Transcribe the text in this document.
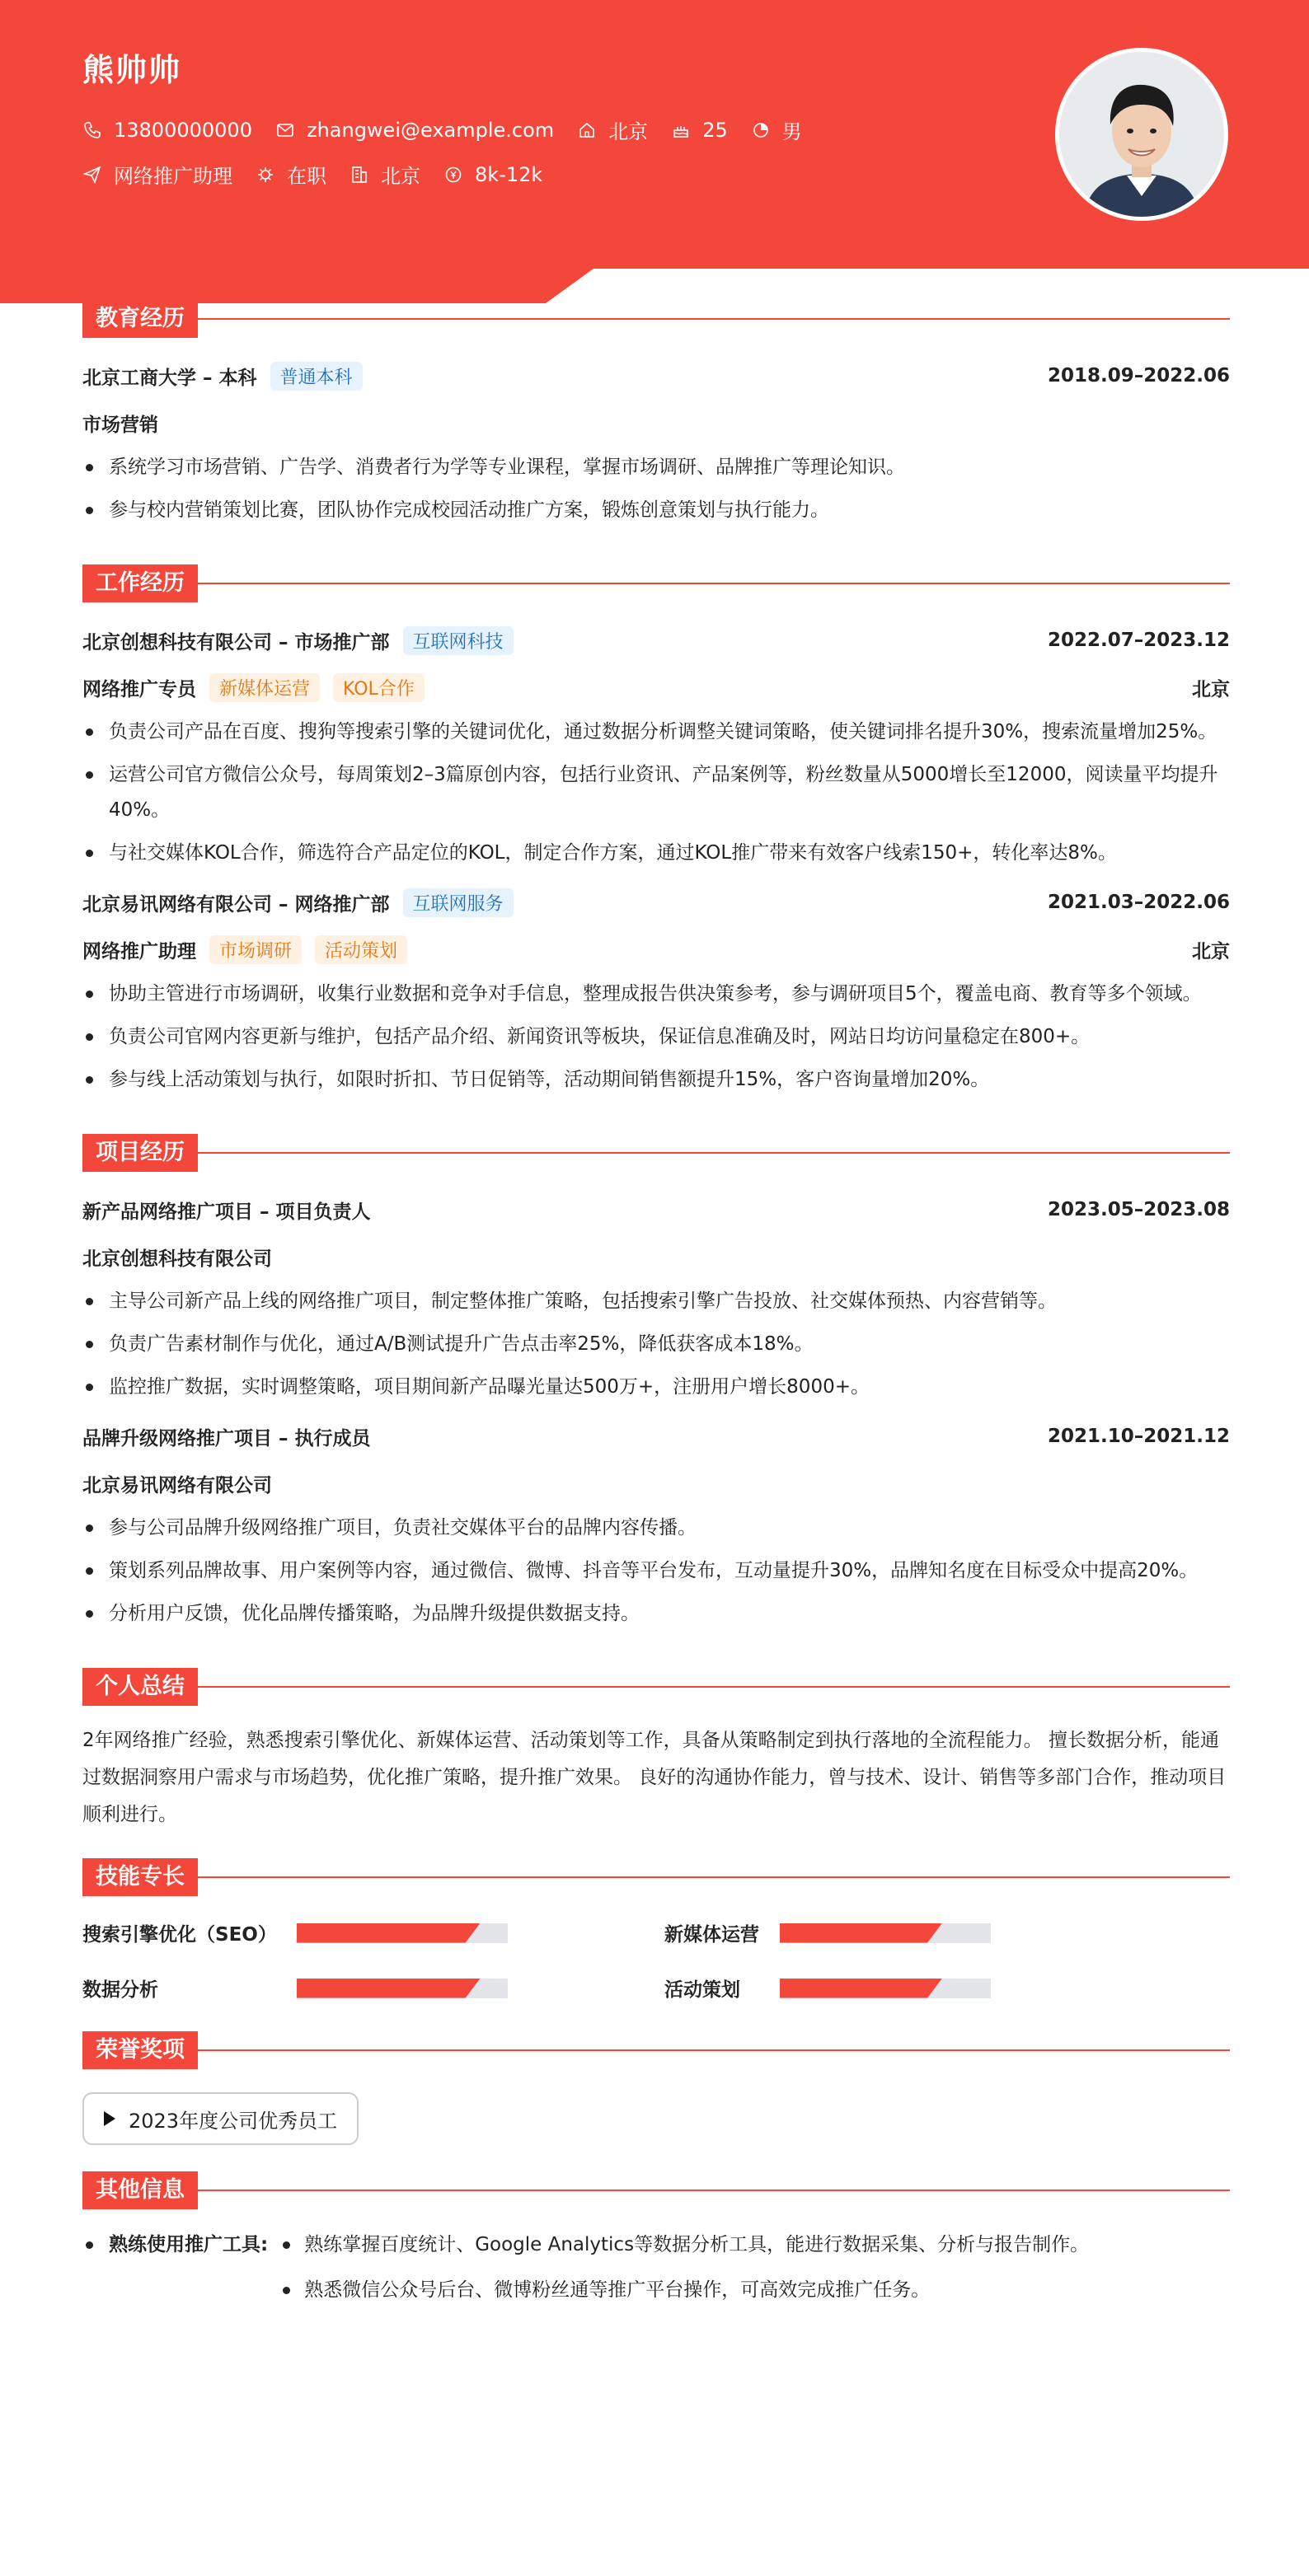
熊帅帅
13800000000	zhangwei@example.com	北京	25	男
网络推广助理	在职	北京	8k-12k
教育经历
北京工商大学 – 本科	普通本科	2018.09–2022.06
市场营销
系统学习市场营销、广告学、消费者行为学等专业课程，掌握市场调研、品牌推广等理论知识。
参与校内营销策划比赛，团队协作完成校园活动推广方案，锻炼创意策划与执行能力。
工作经历
北京创想科技有限公司 – 市场推广部	互联网科技	2022.07–2023.12
网络推广专员	新媒体运营	KOL合作	北京
负责公司产品在百度、搜狗等搜索引擎的关键词优化，通过数据分析调整关键词策略，使关键词排名提升30%，搜索流量增加25%。
运营公司官方微信公众号，每周策划2–3篇原创内容，包括行业资讯、产品案例等，粉丝数量从5000增长至12000，阅读量平均提升40%。
与社交媒体KOL合作，筛选符合产品定位的KOL，制定合作方案，通过KOL推广带来有效客户线索150+，转化率达8%。
北京易讯网络有限公司 – 网络推广部	互联网服务	2021.03–2022.06
网络推广助理	市场调研	活动策划	北京
协助主管进行市场调研，收集行业数据和竞争对手信息，整理成报告供决策参考，参与调研项目5个，覆盖电商、教育等多个领域。
负责公司官网内容更新与维护，包括产品介绍、新闻资讯等板块，保证信息准确及时，网站日均访问量稳定在800+。
参与线上活动策划与执行，如限时折扣、节日促销等，活动期间销售额提升15%，客户咨询量增加20%。
项目经历
新产品网络推广项目 – 项目负责人	2023.05–2023.08
北京创想科技有限公司
主导公司新产品上线的网络推广项目，制定整体推广策略，包括搜索引擎广告投放、社交媒体预热、内容营销等。
负责广告素材制作与优化，通过A/B测试提升广告点击率25%，降低获客成本18%。
监控推广数据，实时调整策略，项目期间新产品曝光量达500万+，注册用户增长8000+。
品牌升级网络推广项目 – 执行成员	2021.10–2021.12
北京易讯网络有限公司
参与公司品牌升级网络推广项目，负责社交媒体平台的品牌内容传播。
策划系列品牌故事、用户案例等内容，通过微信、微博、抖音等平台发布，互动量提升30%，品牌知名度在目标受众中提高20%。
分析用户反馈，优化品牌传播策略，为品牌升级提供数据支持。
个人总结
2年网络推广经验，熟悉搜索引擎优化、新媒体运营、活动策划等工作，具备从策略制定到执行落地的全流程能力。 擅长数据分析，能通过数据洞察用户需求与市场趋势，优化推广策略，提升推广效果。 良好的沟通协作能力，曾与技术、设计、销售等多部门合作，推动项目顺利进行。
技能专长
搜索引擎优化（SEO）	新媒体运营
数据分析	活动策划
荣誉奖项
2023年度公司优秀员工
其他信息
熟练使用推广工具:	熟练掌握百度统计、Google Analytics等数据分析工具，能进行数据采集、分析与报告制作。
熟悉微信公众号后台、微博粉丝通等推广平台操作，可高效完成推广任务。
